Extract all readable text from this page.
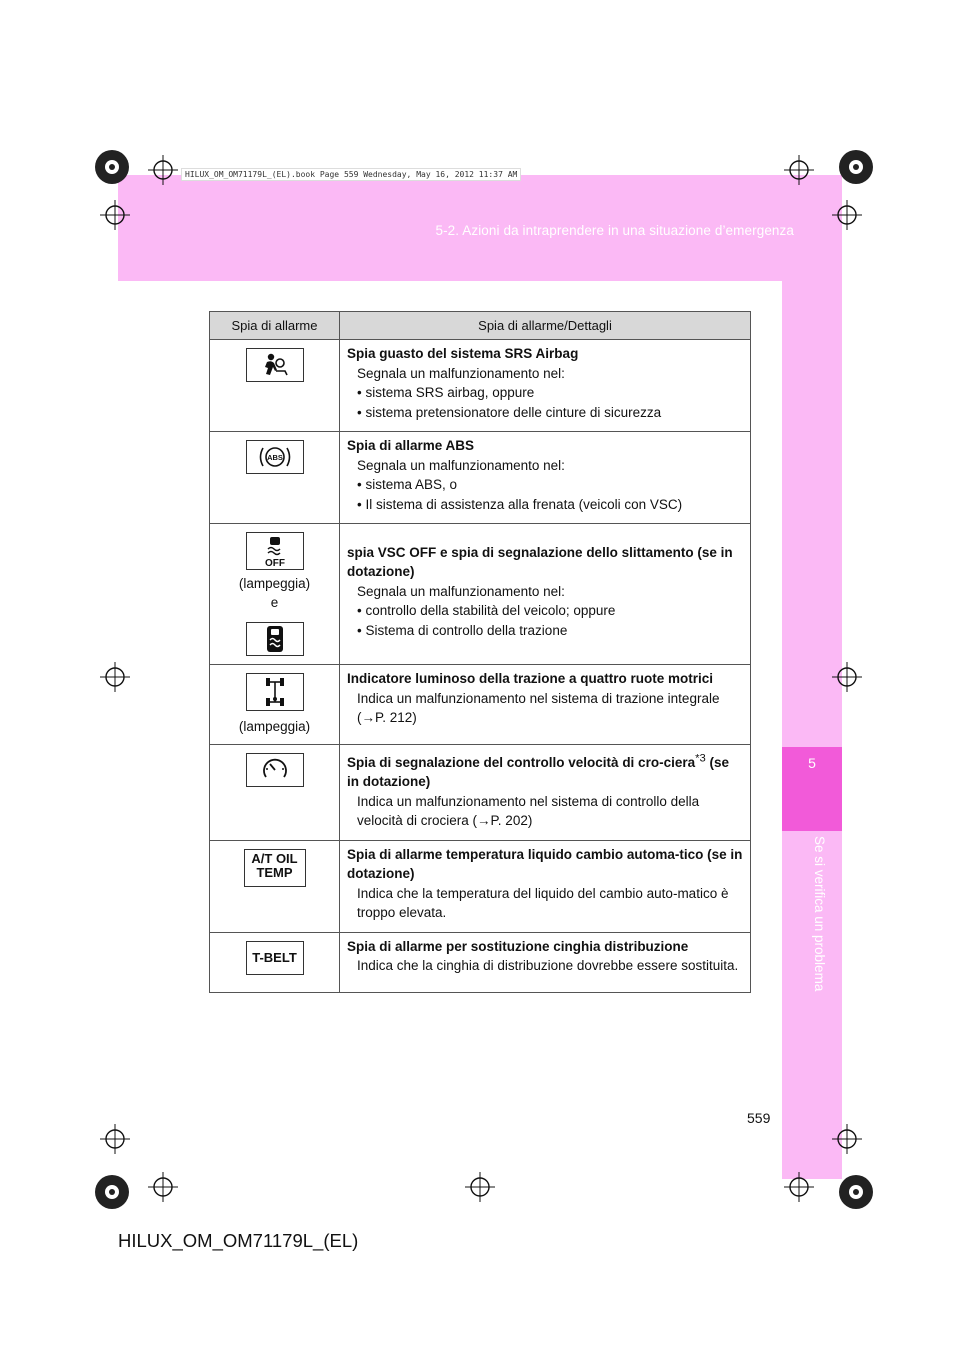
5-2. Azioni da intraprendere in una situazione d’emergenza
HILUX_OM_OM71179L_(EL).book Page 559 Wednesday, May 16, 2012 11:37 AM
5
Se si verifica un problema
Spia di allarme	Spia di allarme/Dettagli

	Spia guasto del sistema SRS Airbag
Segnala un malfunzionamento nel:
• sistema SRS airbag, oppure
• sistema pretensionatore delle cinture di sicurezza

ABS	Spia di allarme ABS
Segnala un malfunzionamento nel:
• sistema ABS, o
• Il sistema di assistenza alla frenata (veicoli con VSC)

OFF
(lampeggia)
e	spia VSC OFF e spia di segnalazione dello slittamento (se in dotazione)
Segnala un malfunzionamento nel:
• controllo della stabilità del veicolo; oppure
• Sistema di controllo della trazione

(lampeggia)	Indicatore luminoso della trazione a quattro ruote motrici
Indica un malfunzionamento nel sistema di trazione integrale (→P. 212)

	Spia di segnalazione del controllo velocità di cro-ciera$^{*3}$ (se in dotazione)
Indica un malfunzionamento nel sistema di controllo della velocità di crociera (→P. 202)

A/T OIL
TEMP	Spia di allarme temperatura liquido cambio automa-tico (se in dotazione)
Indica che la temperatura del liquido del cambio auto-matico è troppo elevata.

T-BELT	Spia di allarme per sostituzione cinghia distribuzione
Indica che la cinghia di distribuzione dovrebbe essere sostituita.
559
HILUX_OM_OM71179L_(EL)
